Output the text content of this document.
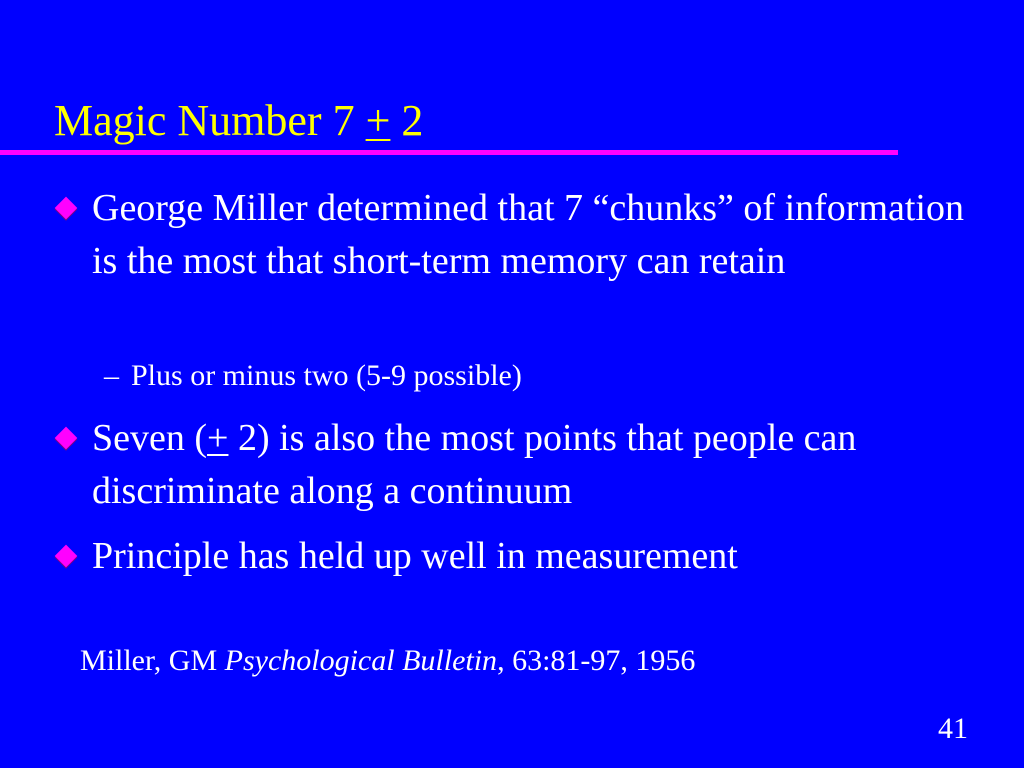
Magic Number 7 + 2
George Miller determined that 7 “chunks” of information is the most that short-term memory can retain
– Plus or minus two (5-9 possible)
Seven (+ 2) is also the most points that people can discriminate along a continuum
Principle has held up well in measurement
Miller, GM Psychological Bulletin, 63:81-97, 1956
41
